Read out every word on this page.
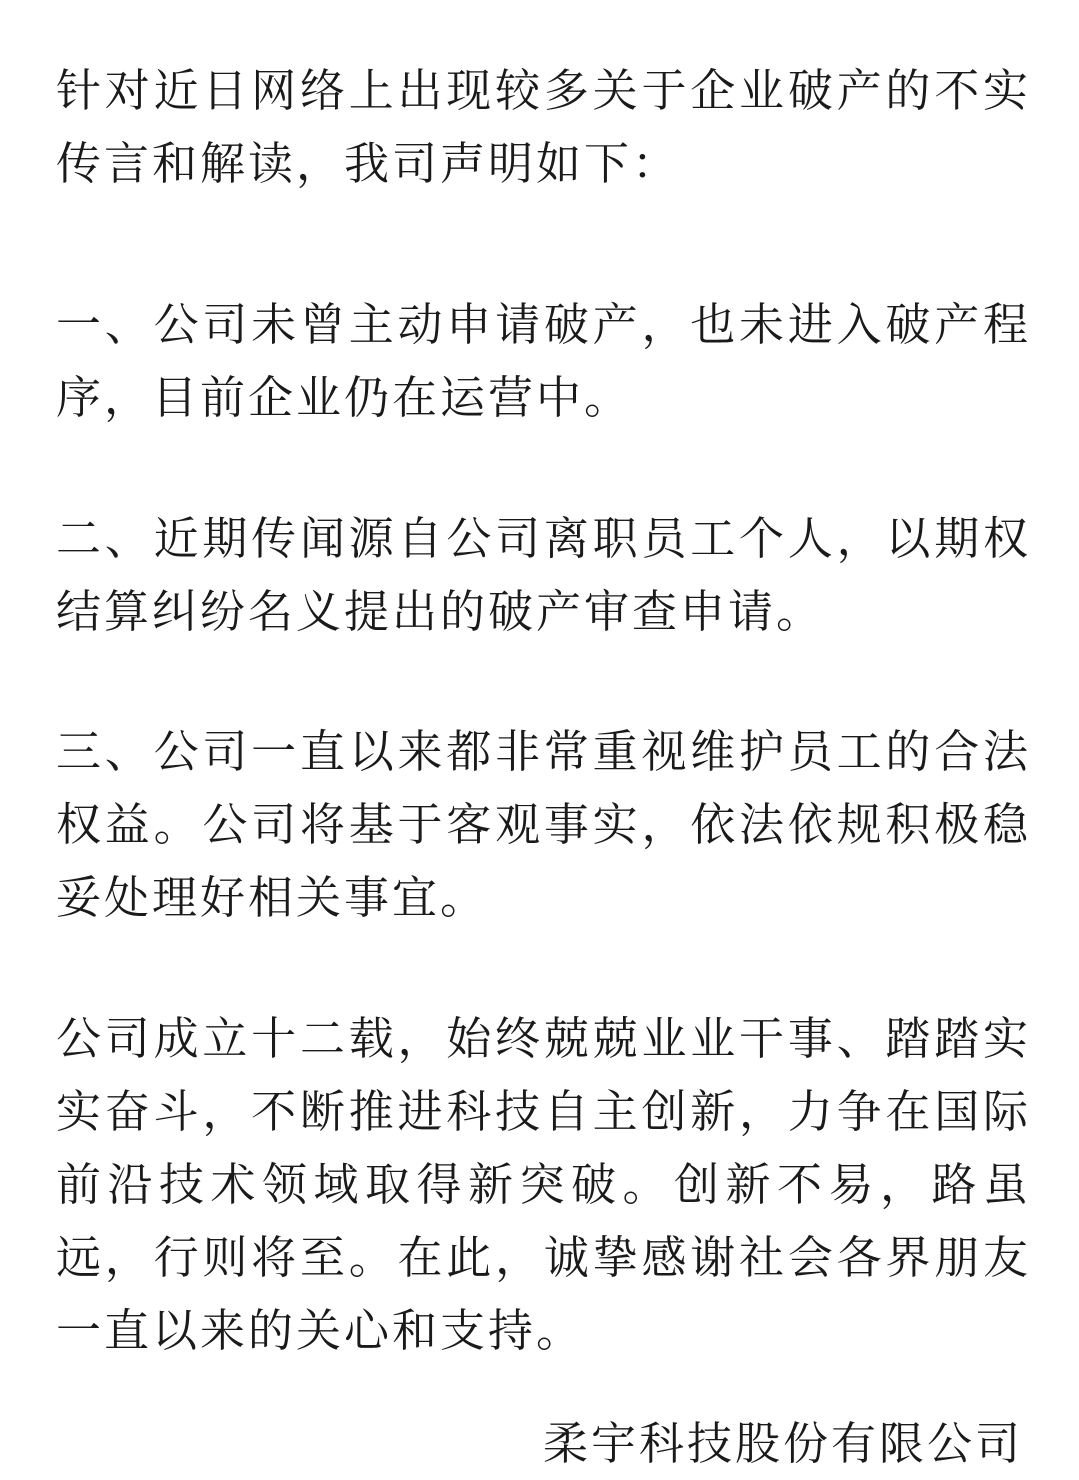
针对近日网络上出现较多关于企业破产的不实传言和解读，我司声明如下：

一、公司未曾主动申请破产，也未进入破产程序，目前企业仍在运营中。

二、近期传闻源自公司离职员工个人，以期权结算纠纷名义提出的破产审查申请。

三、公司一直以来都非常重视维护员工的合法权益。公司将基于客观事实，依法依规积极稳妥处理好相关事宜。

公司成立十二载，始终兢兢业业干事、踏踏实实奋斗，不断推进科技自主创新，力争在国际前沿技术领域取得新突破。创新不易，路虽远，行则将至。在此，诚挚感谢社会各界朋友一直以来的关心和支持。

柔宇科技股份有限公司
